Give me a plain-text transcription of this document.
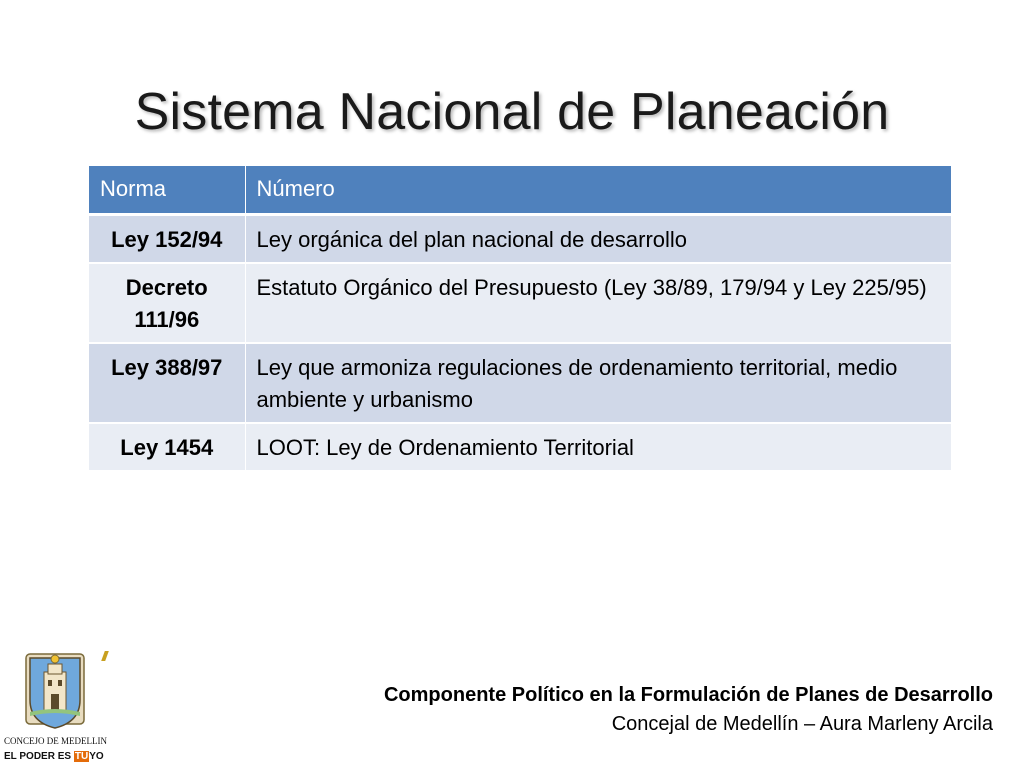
Sistema Nacional de Planeación
Norma	Número
Ley 152/94	Ley orgánica del plan nacional de desarrollo
Decreto 111/96	Estatuto Orgánico del Presupuesto (Ley 38/89, 179/94 y Ley 225/95)
Ley 388/97	Ley que armoniza regulaciones de ordenamiento territorial, medio ambiente y urbanismo
Ley 1454	LOOT: Ley de Ordenamiento Territorial
CONCEJO DE MEDELLIN
EL PODER ES TUYO
Componente Político en la Formulación de Planes de Desarrollo
Concejal de Medellín – Aura Marleny Arcila
